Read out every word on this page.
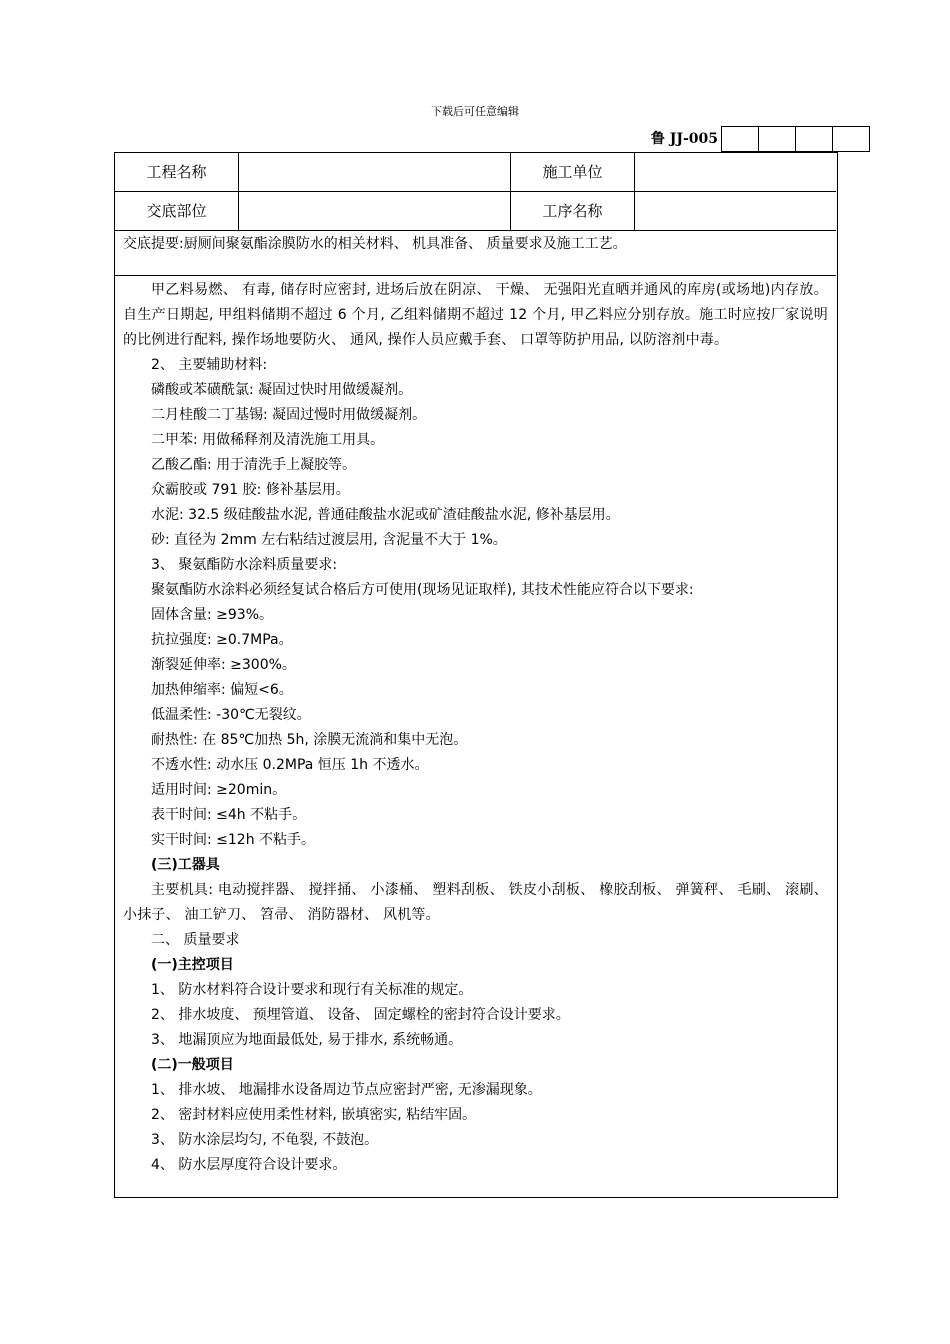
下载后可任意编辑
鲁 JJ-005
工程名称	施工单位
交底部位	工序名称
交底提要:厨厕间聚氨酯涂膜防水的相关材料、 机具准备、 质量要求及施工工艺。

甲乙料易燃、 有毒, 储存时应密封, 进场后放在阴凉、 干燥、 无强阳光直晒并通风的库房(或场地)内存放。自生产日期起, 甲组料储期不超过 6 个月, 乙组料储期不超过 12 个月, 甲乙料应分别存放。施工时应按厂家说明的比例进行配料, 操作场地要防火、 通风, 操作人员应戴手套、 口罩等防护用品, 以防溶剂中毒。

2、 主要辅助材料:

磷酸或苯磺酰氯: 凝固过快时用做缓凝剂。

二月桂酸二丁基锡: 凝固过慢时用做缓凝剂。

二甲苯: 用做稀释剂及清洗施工用具。

乙酸乙酯: 用于清洗手上凝胶等。

众霸胶或 791 胶: 修补基层用。

水泥: 32.5 级硅酸盐水泥, 普通硅酸盐水泥或矿渣硅酸盐水泥, 修补基层用。

砂: 直径为 2mm 左右粘结过渡层用, 含泥量不大于 1%。

3、 聚氨酯防水涂料质量要求:

聚氨酯防水涂料必须经复试合格后方可使用(现场见证取样), 其技术性能应符合以下要求:

固体含量: ≥93%。

抗拉强度: ≥0.7MPa。

渐裂延伸率: ≥300%。

加热伸缩率: 偏短<6。

低温柔性: -30℃无裂纹。

耐热性: 在 85℃加热 5h, 涂膜无流淌和集中无泡。

不透水性: 动水压 0.2MPa 恒压 1h 不透水。

适用时间: ≥20min。

表干时间: ≤4h 不粘手。

实干时间: ≤12h 不粘手。

(三)工器具

主要机具: 电动搅拌器、 搅拌捅、 小漆桶、 塑料刮板、 铁皮小刮板、 橡胶刮板、 弹簧秤、 毛刷、 滚刷、 小抹子、 油工铲刀、 笤帚、 消防器材、 风机等。

二、 质量要求

(一)主控项目

1、 防水材料符合设计要求和现行有关标准的规定。

2、 排水坡度、 预埋管道、 设备、 固定螺栓的密封符合设计要求。

3、 地漏顶应为地面最低处, 易于排水, 系统畅通。

(二)一般项目

1、 排水坡、 地漏排水设备周边节点应密封严密, 无渗漏现象。

2、 密封材料应使用柔性材料, 嵌填密实, 粘结牢固。

3、 防水涂层均匀, 不龟裂, 不鼓泡。

4、 防水层厚度符合设计要求。
